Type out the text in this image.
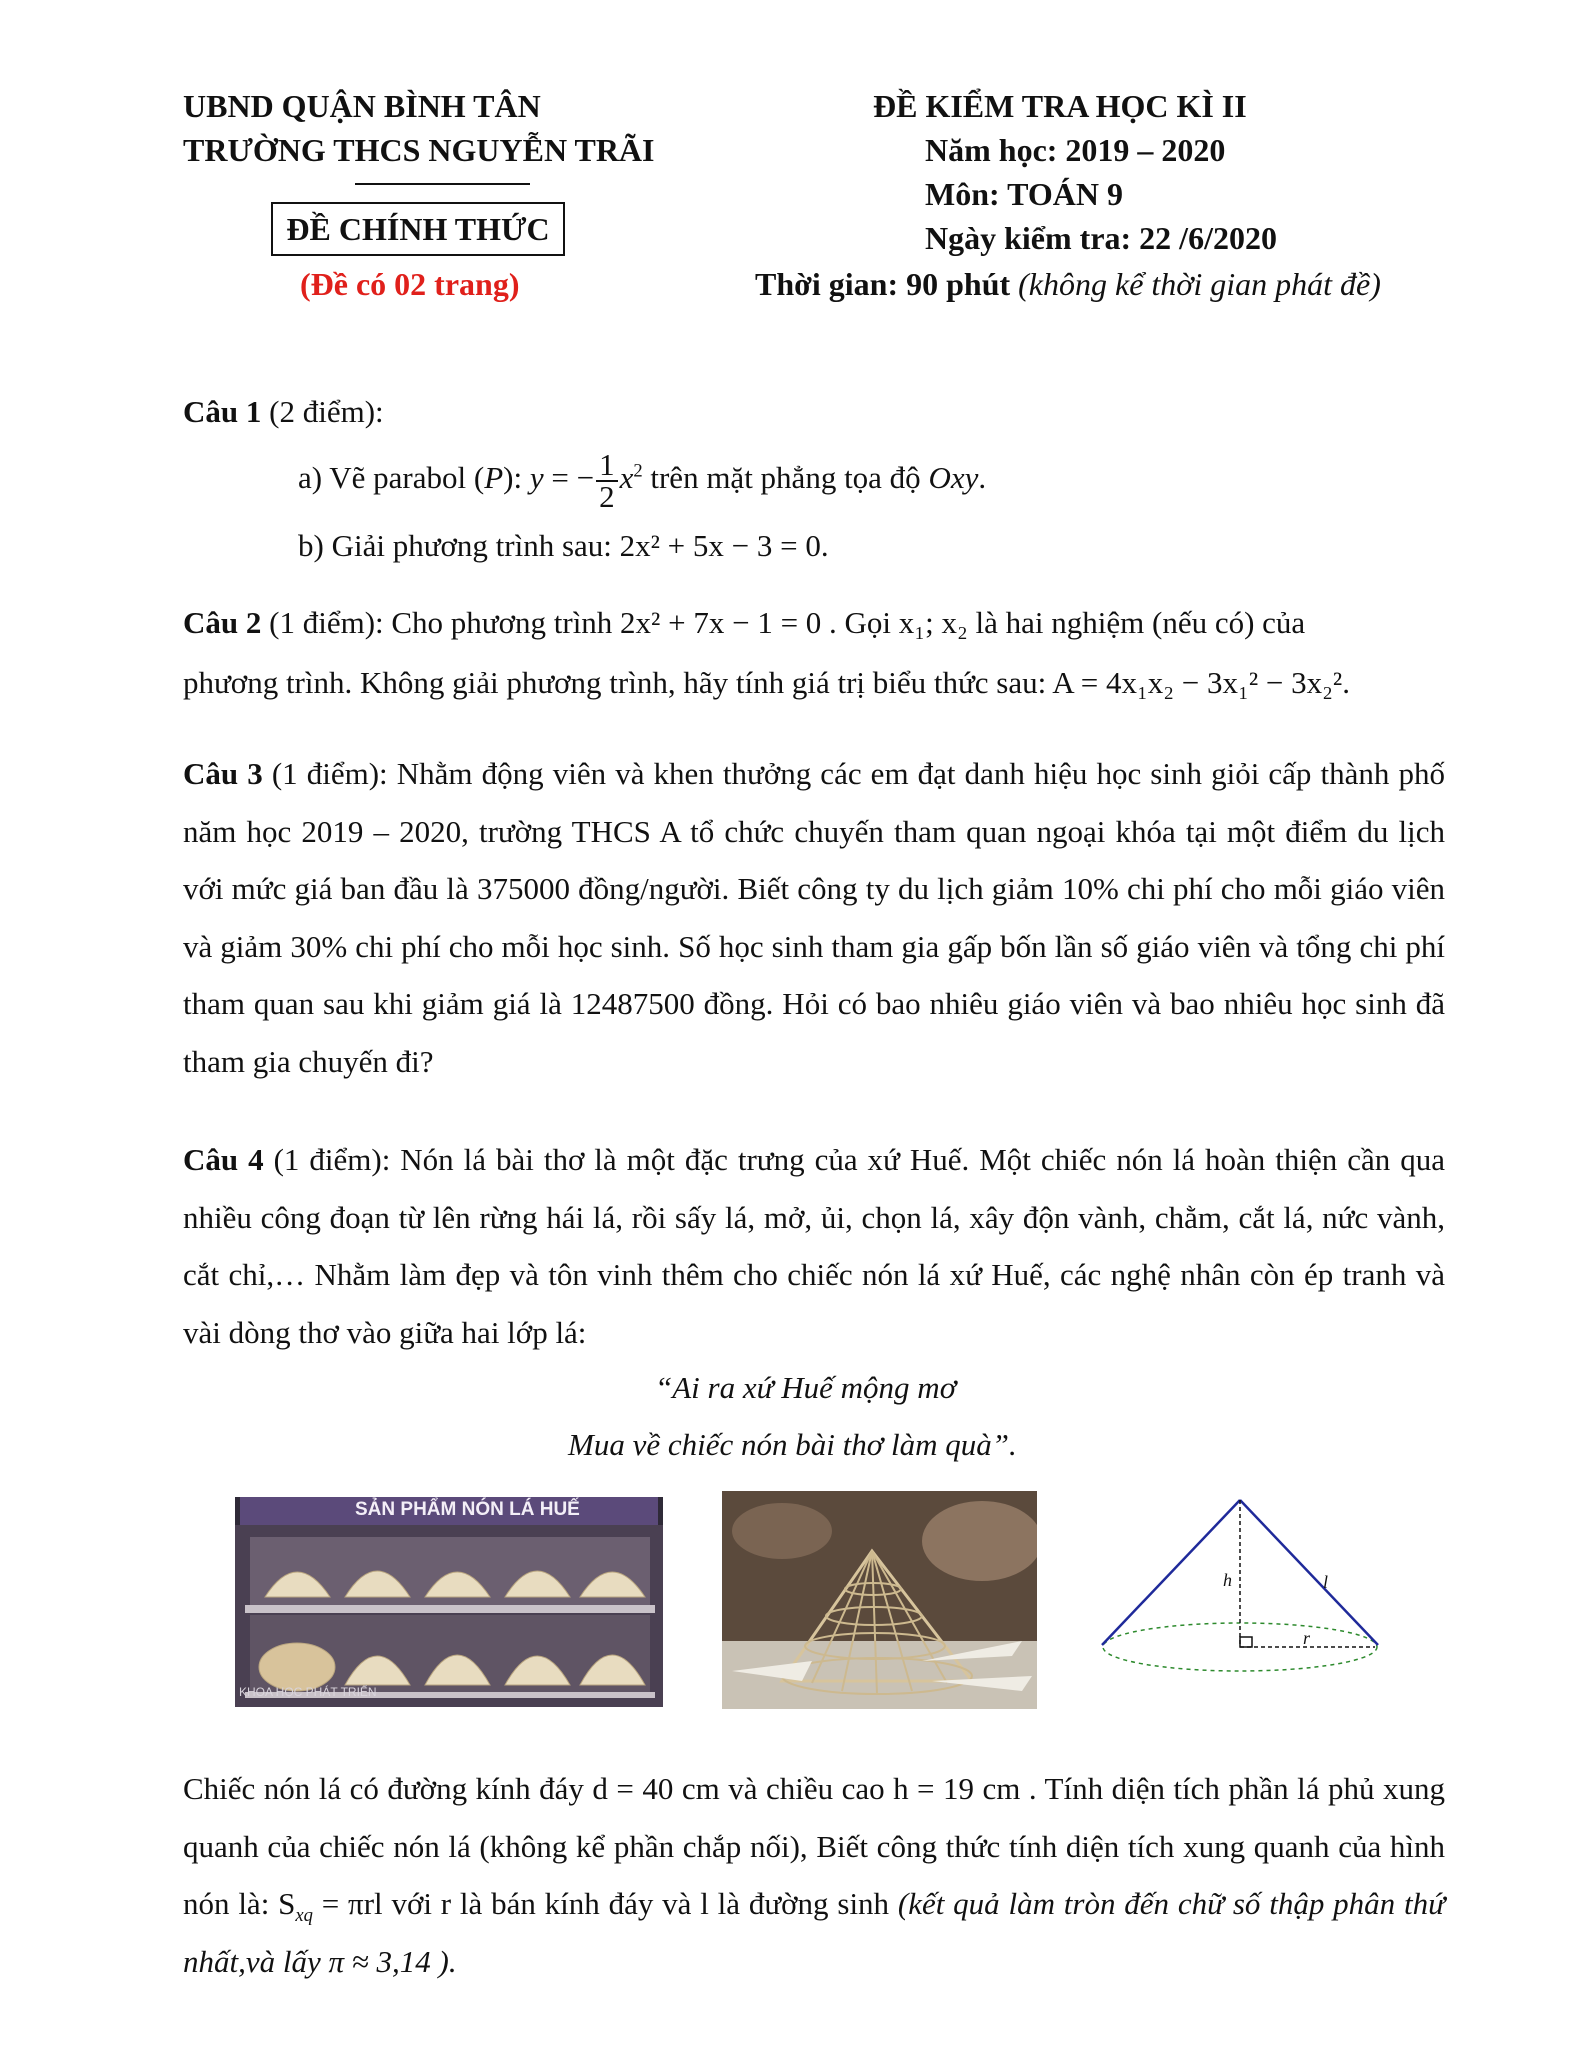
UBND QUẬN BÌNH TÂN
TRƯỜNG THCS NGUYỄN TRÃI
ĐỀ CHÍNH THỨC
(Đề có 02 trang)
ĐỀ KIỂM TRA HỌC KÌ II
Năm học: 2019 – 2020
Môn: TOÁN 9
Ngày kiểm tra: 22 /6/2020
Thời gian: 90 phút (không kể thời gian phát đề)
Câu 1 (2 điểm):
a) Vẽ parabol (P): y = − $\frac{1}{2} x^2$ trên mặt phẳng tọa độ Oxy.
b) Giải phương trình sau: 2x² + 5x − 3 = 0.
Câu 2 (1 điểm): Cho phương trình 2x² + 7x − 1 = 0 . Gọi x₁; x₂ là hai nghiệm (nếu có) của
phương trình. Không giải phương trình, hãy tính giá trị biểu thức sau: A = 4x₁x₂ − 3x₁² − 3x₂².
Câu 3 (1 điểm): Nhằm động viên và khen thưởng các em đạt danh hiệu học sinh giỏi cấp thành phố năm học 2019 – 2020, trường THCS A tổ chức chuyến tham quan ngoại khóa tại một điểm du lịch với mức giá ban đầu là 375000 đồng/người. Biết công ty du lịch giảm 10% chi phí cho mỗi giáo viên và giảm 30% chi phí cho mỗi học sinh. Số học sinh tham gia gấp bốn lần số giáo viên và tổng chi phí tham quan sau khi giảm giá là 12487500 đồng. Hỏi có bao nhiêu giáo viên và bao nhiêu học sinh đã tham gia chuyến đi?
Câu 4 (1 điểm): Nón lá bài thơ là một đặc trưng của xứ Huế. Một chiếc nón lá hoàn thiện cần qua nhiều công đoạn từ lên rừng hái lá, rồi sấy lá, mở, ủi, chọn lá, xây độn vành, chằm, cắt lá, nức vành, cắt chỉ,… Nhằm làm đẹp và tôn vinh thêm cho chiếc nón lá xứ Huế, các nghệ nhân còn ép tranh và vài dòng thơ vào giữa hai lớp lá:
“Ai ra xứ Huế mộng mơ
Mua về chiếc nón bài thơ làm quà”.
SẢN PHẨM NÓN LÁ HUẾ
KHOA HỌC PHÁT TRIỂN
h	l
r
Chiếc nón lá có đường kính đáy d = 40 cm và chiều cao h = 19 cm . Tính diện tích phần lá phủ xung quanh của chiếc nón lá (không kể phần chắp nối), Biết công thức tính diện tích xung quanh của hình nón là: $S_{xq} = \pi rl$ với r là bán kính đáy và l là đường sinh (kết quả làm tròn đến chữ số thập phân thứ nhất,và lấy π ≈ 3,14 ).
